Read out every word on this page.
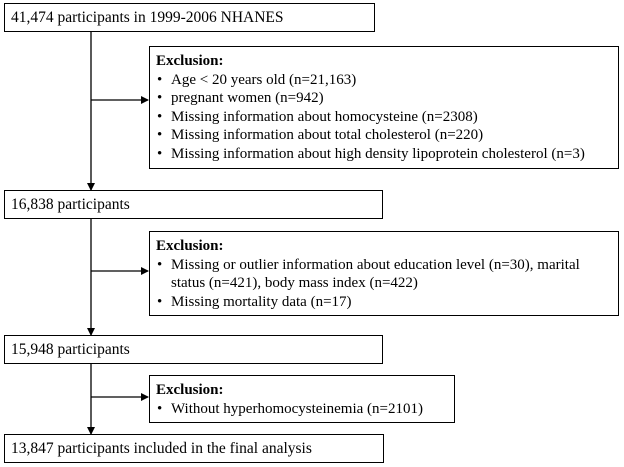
41,474 participants in 1999-2006 NHANES
16,838 participants
15,948 participants
13,847 participants included in the final analysis
Exclusion:
• Age < 20 years old (n=21,163)
• pregnant women (n=942)
• Missing information about homocysteine (n=2308)
• Missing information about total cholesterol (n=220)
• Missing information about high density lipoprotein cholesterol (n=3)
Exclusion:
• Missing or outlier information about education level (n=30), marital status (n=421), body mass index (n=422)
• Missing mortality data (n=17)
Exclusion:
• Without hyperhomocysteinemia (n=2101)
